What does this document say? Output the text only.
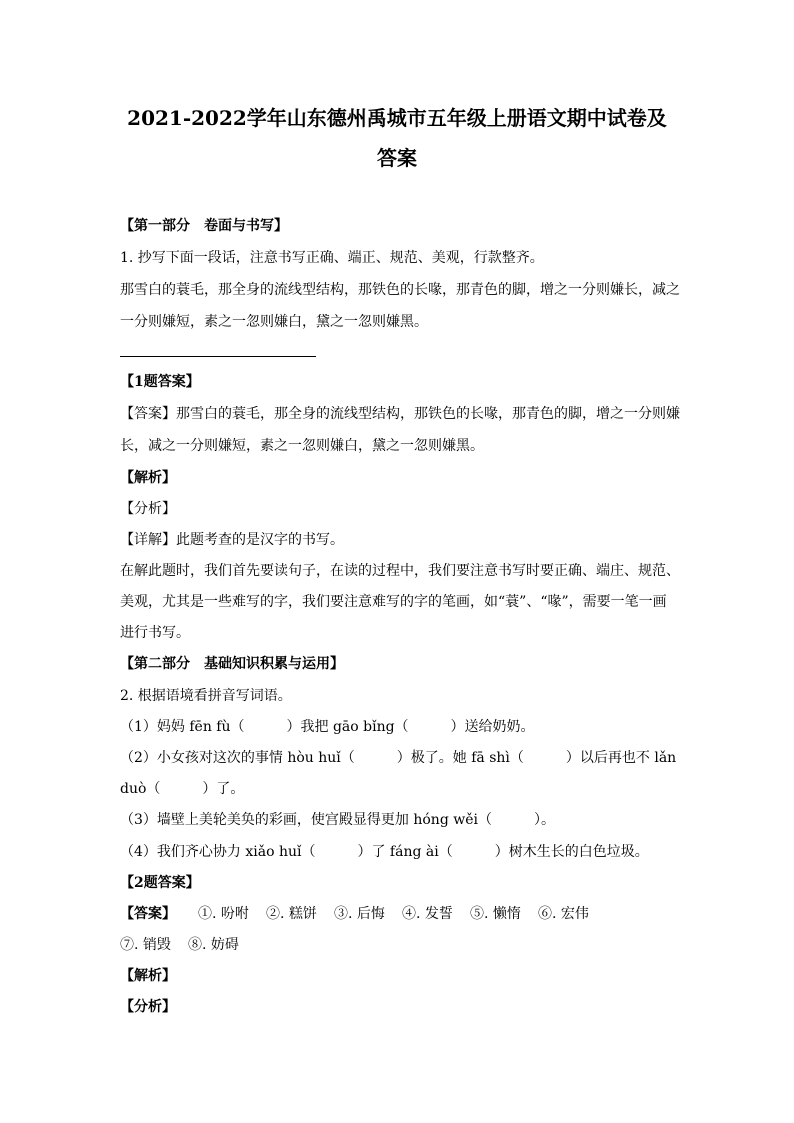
2021-2022学年山东德州禹城市五年级上册语文期中试卷及
答案
【第一部分　卷面与书写】
1. 抄写下面一段话，注意书写正确、端正、规范、美观，行款整齐。
那雪白的蓑毛，那全身的流线型结构，那铁色的长喙，那青色的脚，增之一分则嫌长，减之
一分则嫌短，素之一忽则嫌白，黛之一忽则嫌黑。
【1题答案】
【答案】那雪白的蓑毛，那全身的流线型结构，那铁色的长喙，那青色的脚，增之一分则嫌
长，减之一分则嫌短，素之一忽则嫌白，黛之一忽则嫌黑。
【解析】
【分析】
【详解】此题考查的是汉字的书写。
在解此题时，我们首先要读句子，在读的过程中，我们要注意书写时要正确、端庄、规范、
美观，尤其是一些难写的字，我们要注意难写的字的笔画，如“蓑”、“喙”，需要一笔一画
进行书写。
【第二部分　基础知识积累与运用】
2. 根据语境看拼音写词语。
（1）妈妈 fēn fù（　　　）我把 gāo bǐng（　　　）送给奶奶。
（2）小女孩对这次的事情 hòu huǐ（　　　）极了。她 fā shì（　　　）以后再也不 lǎn
duò（　　　）了。
（3）墙壁上美轮美奂的彩画，使宫殿显得更加 hóng wěi（　　　）。
（4）我们齐心协力 xiǎo huǐ（　　　）了 fáng ài（　　　）树木生长的白色垃圾。
【2题答案】
【答案】 ①. 吩咐 ②. 糕饼 ③. 后悔 ④. 发誓 ⑤. 懒惰 ⑥. 宏伟
⑦. 销毁 ⑧. 妨碍
【解析】
【分析】
